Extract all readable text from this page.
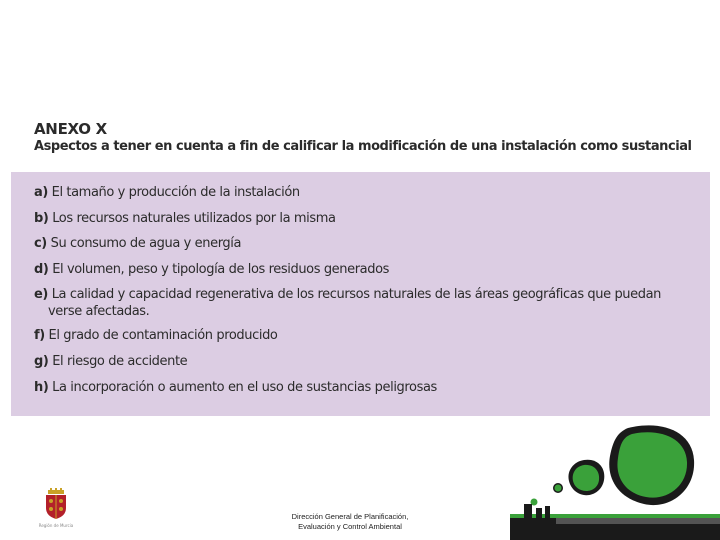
ANEXO X
Aspectos a tener en cuenta a fin de calificar la modificación de una instalación como sustancial
a) El tamaño y producción de la instalación
b) Los recursos naturales utilizados por la misma
c) Su consumo de agua y energía
d) El volumen, peso y tipología de los residuos generados
e) La calidad y capacidad regenerativa de los recursos naturales de las áreas geográficas que puedan
verse afectadas.
f) El grado de contaminación producido
g) El riesgo de accidente
h) La incorporación o aumento en el uso de sustancias peligrosas
Región de Murcia
Dirección General de Planificación,
Evaluación y Control Ambiental
